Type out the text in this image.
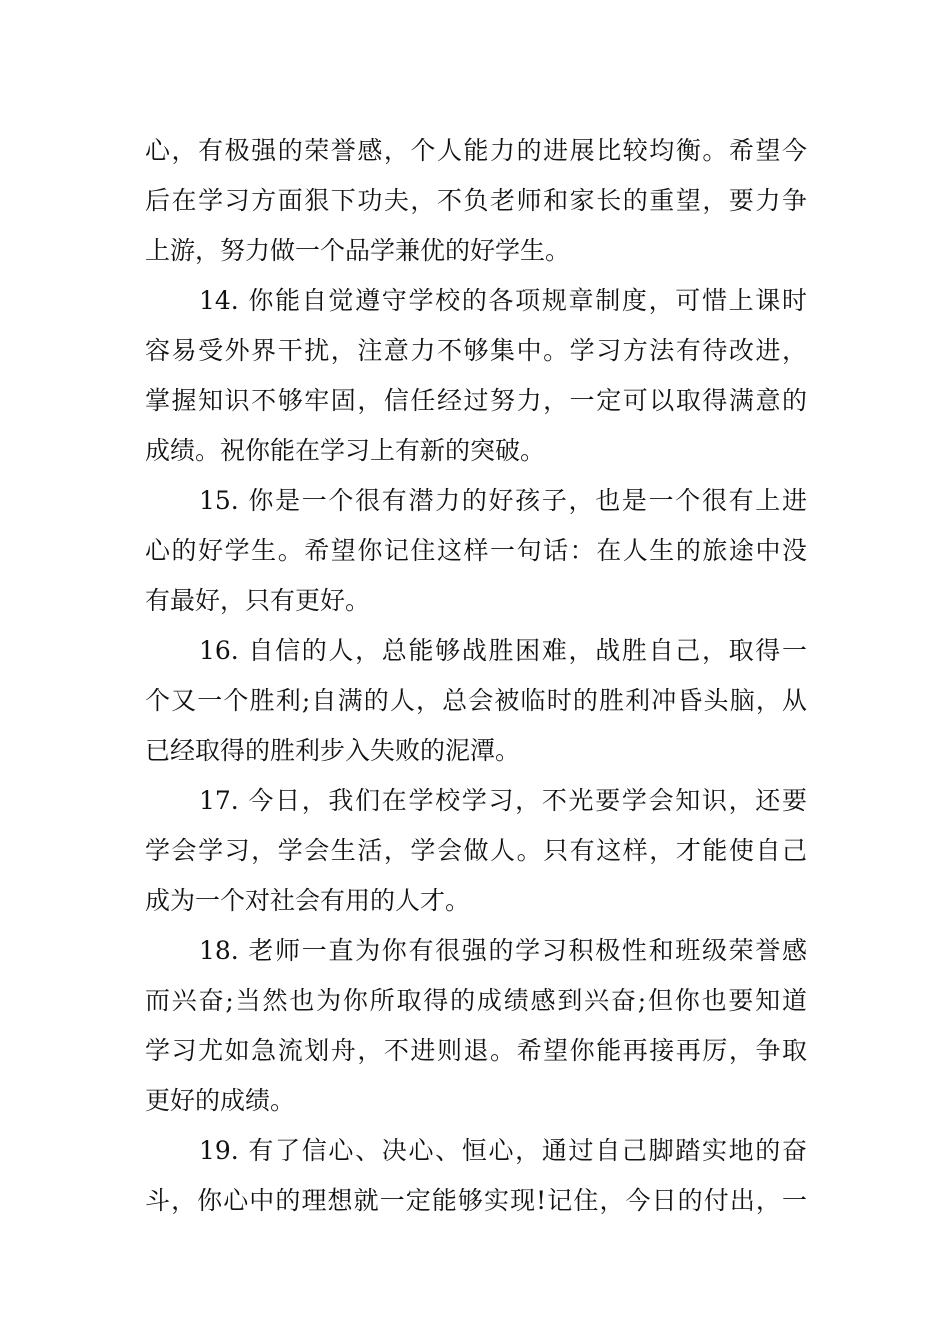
心，有极强的荣誉感，个人能力的进展比较均衡。希望今
后在学习方面狠下功夫，不负老师和家长的重望，要力争
上游，努力做一个品学兼优的好学生。
14. 你能自觉遵守学校的各项规章制度，可惜上课时
容易受外界干扰，注意力不够集中。学习方法有待改进，
掌握知识不够牢固，信任经过努力，一定可以取得满意的
成绩。祝你能在学习上有新的突破。
15. 你是一个很有潜力的好孩子，也是一个很有上进
心的好学生。希望你记住这样一句话：在人生的旅途中没
有最好，只有更好。
16. 自信的人，总能够战胜困难，战胜自己，取得一
个又一个胜利;自满的人，总会被临时的胜利冲昏头脑，从
已经取得的胜利步入失败的泥潭。
17. 今日，我们在学校学习，不光要学会知识，还要
学会学习，学会生活，学会做人。只有这样，才能使自己
成为一个对社会有用的人才。
18. 老师一直为你有很强的学习积极性和班级荣誉感
而兴奋;当然也为你所取得的成绩感到兴奋;但你也要知道
学习尤如急流划舟，不进则退。希望你能再接再厉，争取
更好的成绩。
19. 有了信心、决心、恒心，通过自己脚踏实地的奋
斗，你心中的理想就一定能够实现!记住，今日的付出，一
